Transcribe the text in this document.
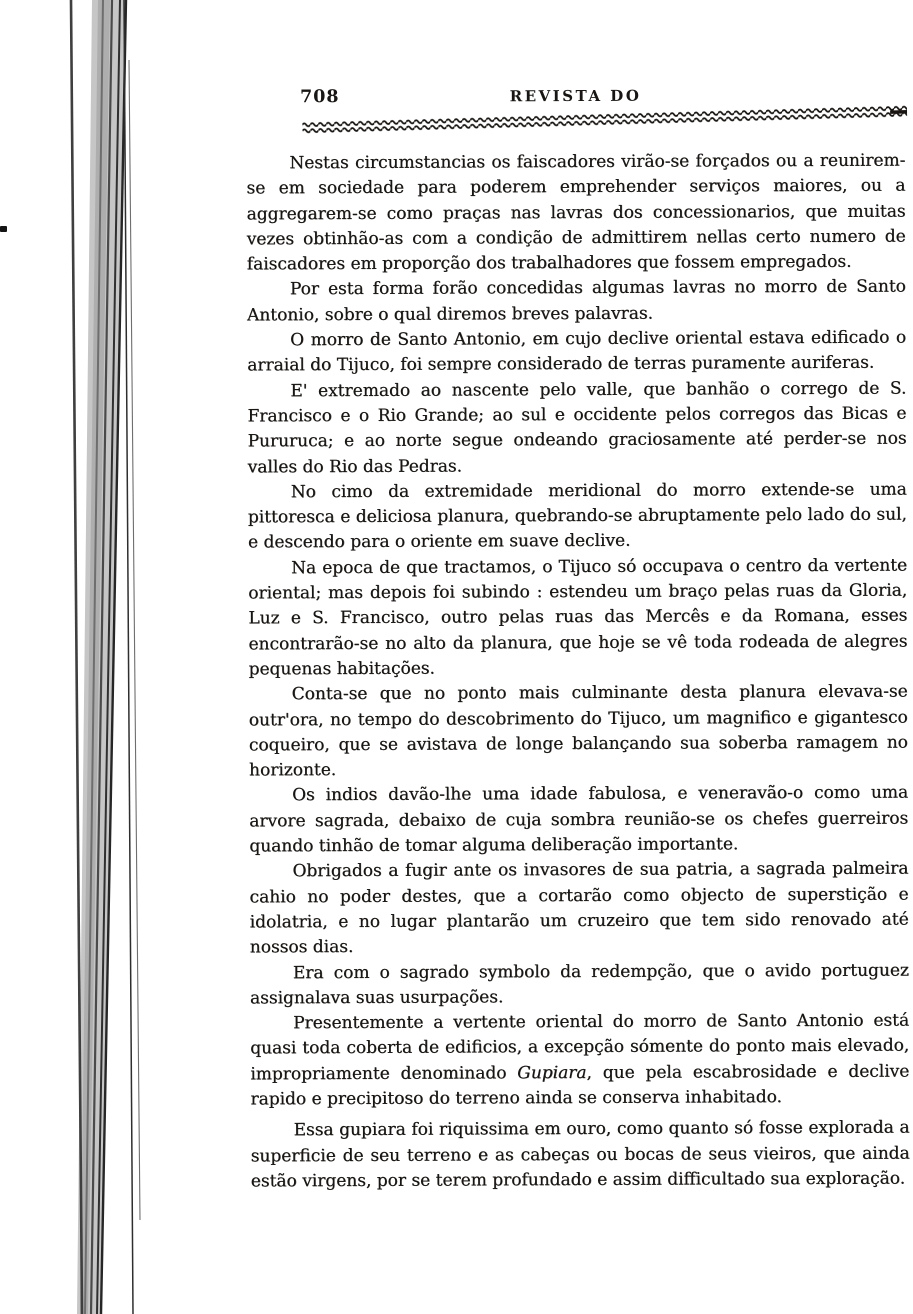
708	REVISTA DO

Nestas circumstancias os faiscadores virão-se forçados ou a reunirem-se em sociedade para poderem emprehender serviços maiores, ou a aggregarem-se como praças nas lavras dos concessionarios, que muitas vezes obtinhão-as com a condição de admittirem nellas certo numero de faiscadores em proporção dos trabalhadores que fossem empregados.

Por esta forma forão concedidas algumas lavras no morro de Santo Antonio, sobre o qual diremos breves palavras.

O morro de Santo Antonio, em cujo declive oriental estava edificado o arraial do Tijuco, foi sempre considerado de terras puramente auriferas.

E' extremado ao nascente pelo valle, que banhão o corrego de S. Francisco e o Rio Grande; ao sul e occidente pelos corregos das Bicas e Pururuca; e ao norte segue ondeando graciosamente até perder-se nos valles do Rio das Pedras.

No cimo da extremidade meridional do morro extende-se uma pittoresca e deliciosa planura, quebrando-se abruptamente pelo lado do sul, e descendo para o oriente em suave declive.

Na epoca de que tractamos, o Tijuco só occupava o centro da vertente oriental; mas depois foi subindo : estendeu um braço pelas ruas da Gloria, Luz e S. Francisco, outro pelas ruas das Mercês e da Romana, esses encontrarão-se no alto da planura, que hoje se vê toda rodeada de alegres pequenas habitações.

Conta-se que no ponto mais culminante desta planura elevava-se outr'ora, no tempo do descobrimento do Tijuco, um magnifico e gigantesco coqueiro, que se avistava de longe balançando sua soberba ramagem no horizonte.

Os indios davão-lhe uma idade fabulosa, e veneravão-o como uma arvore sagrada, debaixo de cuja sombra reunião-se os chefes guerreiros quando tinhão de tomar alguma deliberação importante.

Obrigados a fugir ante os invasores de sua patria, a sagrada palmeira cahio no poder destes, que a cortarão como objecto de superstição e idolatria, e no lugar plantarão um cruzeiro que tem sido renovado até nossos dias.

Era com o sagrado symbolo da redempção, que o avido portuguez assignalava suas usurpações.

Presentemente a vertente oriental do morro de Santo Antonio está quasi toda coberta de edificios, a excepção sómente do ponto mais elevado, impropriamente denominado Gupiara, que pela escabrosidade e declive rapido e precipitoso do terreno ainda se conserva inhabitado.

Essa gupiara foi riquissima em ouro, como quanto só fosse explorada a superficie de seu terreno e as cabeças ou bocas de seus vieiros, que ainda estão virgens, por se terem profundado e assim difficultado sua exploração.
